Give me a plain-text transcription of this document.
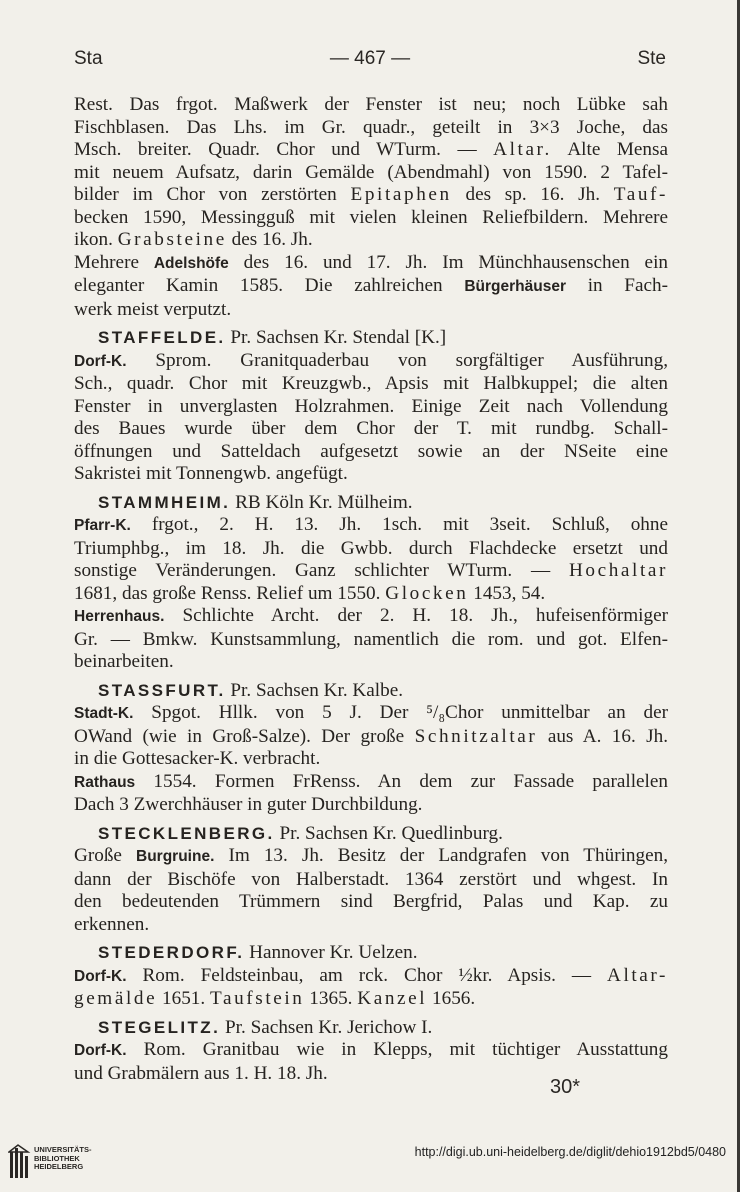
Sta	— 467 —	Ste
Rest. Das frgot. Maßwerk der Fenster ist neu; noch Lübke sah
Fischblasen. Das Lhs. im Gr. quadr., geteilt in 3×3 Joche, das
Msch. breiter. Quadr. Chor und WTurm. — Altar. Alte Mensa
mit neuem Aufsatz, darin Gemälde (Abendmahl) von 1590. 2 Tafel-
bilder im Chor von zerstörten Epitaphen des sp. 16. Jh. Tauf-
becken 1590, Messingguß mit vielen kleinen Reliefbildern. Mehrere
ikon. Grabsteine des 16. Jh.
Mehrere Adelshöfe des 16. und 17. Jh. Im Münchhausenschen ein
eleganter Kamin 1585. Die zahlreichen Bürgerhäuser in Fach-
werk meist verputzt.
STAFFELDE. Pr. Sachsen Kr. Stendal [K.]
Dorf-K. Sprom. Granitquaderbau von sorgfältiger Ausführung,
Sch., quadr. Chor mit Kreuzgwb., Apsis mit Halbkuppel; die alten
Fenster in unverglasten Holzrahmen. Einige Zeit nach Vollendung
des Baues wurde über dem Chor der T. mit rundbg. Schall-
öffnungen und Satteldach aufgesetzt sowie an der NSeite eine
Sakristei mit Tonnengwb. angefügt.
STAMMHEIM. RB Köln Kr. Mülheim.
Pfarr-K. frgot., 2. H. 13. Jh. 1sch. mit 3seit. Schluß, ohne
Triumphbg., im 18. Jh. die Gwbb. durch Flachdecke ersetzt und
sonstige Veränderungen. Ganz schlichter WTurm. — Hochaltar
1681, das große Renss. Relief um 1550. Glocken 1453, 54.
Herrenhaus. Schlichte Archt. der 2. H. 18. Jh., hufeisenförmiger
Gr. — Bmkw. Kunstsammlung, namentlich die rom. und got. Elfen-
beinarbeiten.
STASSFURT. Pr. Sachsen Kr. Kalbe.
Stadt-K. Spgot. Hllk. von 5 J. Der ⁵/₈Chor unmittelbar an der
OWand (wie in Groß-Salze). Der große Schnitzaltar aus A. 16. Jh.
in die Gottesacker-K. verbracht.
Rathaus 1554. Formen FrRenss. An dem zur Fassade parallelen
Dach 3 Zwerchhäuser in guter Durchbildung.
STECKLENBERG. Pr. Sachsen Kr. Quedlinburg.
Große Burgruine. Im 13. Jh. Besitz der Landgrafen von Thüringen,
dann der Bischöfe von Halberstadt. 1364 zerstört und whgest. In
den bedeutenden Trümmern sind Bergfrid, Palas und Kap. zu
erkennen.
STEDERDORF. Hannover Kr. Uelzen.
Dorf-K. Rom. Feldsteinbau, am rck. Chor ½kr. Apsis. — Altar-
gemälde 1651. Taufstein 1365. Kanzel 1656.
STEGELITZ. Pr. Sachsen Kr. Jerichow I.
Dorf-K. Rom. Granitbau wie in Klepps, mit tüchtiger Ausstattung
und Grabmälern aus 1. H. 18. Jh.
30*
UNIVERSITÄTS-
BIBLIOTHEK
HEIDELBERG
http://digi.ub.uni-heidelberg.de/diglit/dehio1912bd5/0480
